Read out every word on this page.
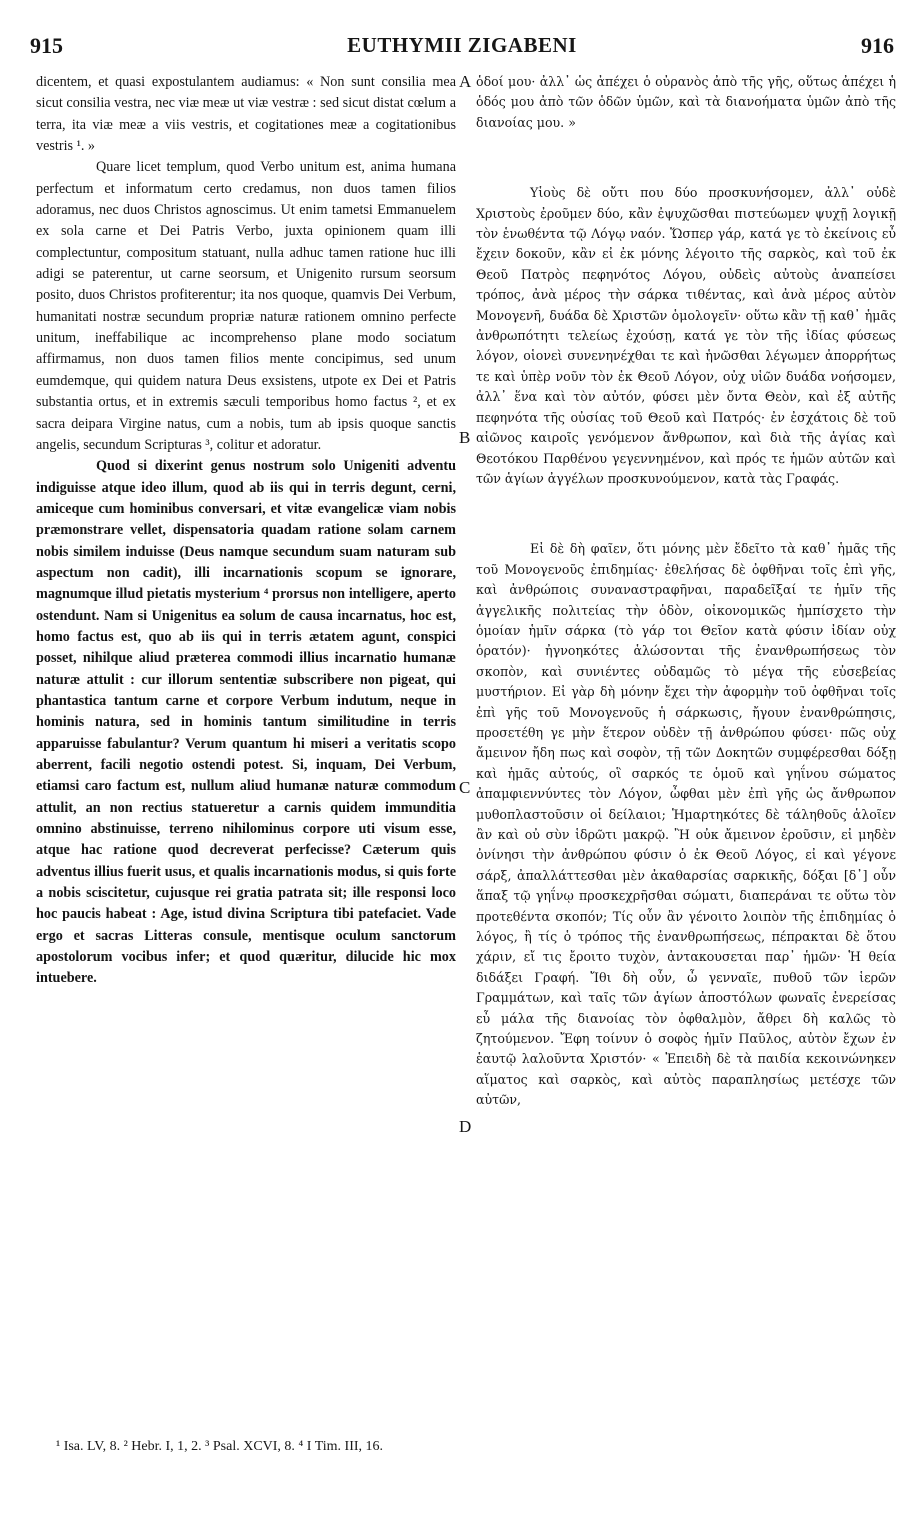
915	EUTHYMII ZIGABENI	916

dicentem, et quasi expostulantem audiamus: « Non sunt consilia mea sicut consilia vestra, nec viæ meæ ut viæ vestræ : sed sicut distat cœlum a terra, ita viæ meæ a viis vestris, et cogitationes meæ a cogitationibus vestris ¹. »

Quare licet templum, quod Verbo unitum est, anima humana perfectum et informatum certo credamus, non duos tamen filios adoramus, nec duos Christos agnoscimus. Ut enim tametsi Emmanuelem ex sola carne et Dei Patris Verbo, juxta opinionem quam illi complectuntur, compositum statuant, nulla adhuc tamen ratione huc illi adigi se paterentur, ut carne seorsum, et Unigenito rursum seorsum posito, duos Christos profiterentur; ita nos quoque, quamvis Dei Verbum, humanitati nostræ secundum propriæ naturæ rationem omnino perfecte unitum, ineffabilique ac incomprehenso plane modo sociatum affirmamus, non duos tamen filios mente concipimus, sed unum eumdemque, qui quidem natura Deus exsistens, utpote ex Dei et Patris substantia ortus, et in extremis sæculi temporibus homo factus ², et ex sacra deipara Virgine natus, cum a nobis, tum ab ipsis quoque sanctis angelis, secundum Scripturas ³, colitur et adoratur.

Quod si dixerint genus nostrum solo Unigeniti adventu indiguisse atque ideo illum, quod ab iis qui in terris degunt, cerni, amiceque cum hominibus conversari, et vitæ evangelicæ viam nobis præmonstrare vellet, dispensatoria quadam ratione solam carnem nobis similem induisse (Deus namque secundum suam naturam sub aspectum non cadit), illi incarnationis scopum se ignorare, magnumque illud pietatis mysterium ⁴ prorsus non intelligere, aperto ostendunt. Nam si Unigenitus ea solum de causa incarnatus, hoc est, homo factus est, quo ab iis qui in terris ætatem agunt, conspici posset, nihilque aliud præterea commodi illius incarnatio humanæ naturæ attulit : cur illorum sententiæ subscribere non pigeat, qui phantastica tantum carne et corpore Verbum indutum, neque in hominis natura, sed in hominis tantum similitudine in terris apparuisse fabulantur? Verum quantum hi miseri a veritatis scopo aberrent, facili negotio ostendi potest. Si, inquam, Dei Verbum, etiamsi caro factum est, nullum aliud humanæ naturæ commodum attulit, an non rectius statueretur a carnis quidem immunditia omnino abstinuisse, terreno nihilominus corpore uti visum esse, atque hac ratione quod decreverat perfecisse? Cæterum quis adventus illius fuerit usus, et qualis incarnationis modus, si quis forte a nobis sciscitetur, cujusque rei gratia patrata sit; ille responsi loco hoc paucis habeat : Age, istud divina Scriptura tibi patefaciet. Vade ergo et sacras Litteras consule, mentisque oculum sanctorum apostolorum vocibus infer; et quod quæritur, dilucide hic mox intuebere.

ὁδοί μου· ἀλλ᾽ ὡς ἀπέχει ὁ οὐρανὸς ἀπὸ τῆς γῆς, οὕτως ἀπέχει ἡ ὁδός μου ἀπὸ τῶν ὁδῶν ὑμῶν, καὶ τὰ διανοήματα ὑμῶν ἀπὸ τῆς διανοίας μου. »

Υἱοὺς δὲ οὔτι που δύο προσκυνήσομεν, ἀλλ᾽ οὐδὲ Χριστοὺς ἐροῦμεν δύο, κἂν ἐψυχῶσθαι πιστεύωμεν ψυχῇ λογικῇ τὸν ἑνωθέντα τῷ Λόγῳ ναόν. Ὥσπερ γάρ, κατά γε τὸ ἐκείνοις εὖ ἔχειν δοκοῦν, κἂν εἰ ἐκ μόνης λέγοιτο τῆς σαρκὸς, καὶ τοῦ ἐκ Θεοῦ Πατρὸς πεφηνότος Λόγου, οὐδεὶς αὐτοὺς ἀναπείσει τρόπος, ἀνὰ μέρος τὴν σάρκα τιθέντας, καὶ ἀνὰ μέρος αὐτὸν Μονογενῆ, δυάδα δὲ Χριστῶν ὁμολογεῖν· οὕτω κἂν τῇ καθ᾽ ἡμᾶς ἀνθρωπότητι τελείως ἐχούσῃ, κατά γε τὸν τῆς ἰδίας φύσεως λόγον, οἱονεὶ συνενηνέχθαι τε καὶ ἡνῶσθαι λέγωμεν ἀπορρήτως τε καὶ ὑπὲρ νοῦν τὸν ἐκ Θεοῦ Λόγον, οὐχ υἱῶν δυάδα νοήσομεν, ἀλλ᾽ ἕνα καὶ τὸν αὐτόν, φύσει μὲν ὄντα Θεὸν, καὶ ἐξ αὐτῆς πεφηνότα τῆς οὐσίας τοῦ Θεοῦ καὶ Πατρός· ἐν ἐσχάτοις δὲ τοῦ αἰῶνος καιροῖς γενόμενον ἄνθρωπον, καὶ διὰ τῆς ἁγίας καὶ Θεοτόκου Παρθένου γεγεννημένον, καὶ πρός τε ἡμῶν αὐτῶν καὶ τῶν ἁγίων ἀγγέλων προσκυνούμενον, κατὰ τὰς Γραφάς.

Εἰ δὲ δὴ φαῖεν, ὅτι μόνης μὲν ἔδεῖτο τὰ καθ᾽ ἡμᾶς τῆς τοῦ Μονογενοῦς ἐπιδημίας· ἐθελήσας δὲ ὀφθῆναι τοῖς ἐπὶ γῆς, καὶ ἀνθρώποις συναναστραφῆναι, παραδεῖξαί τε ἡμῖν τῆς ἀγγελικῆς πολιτείας τὴν ὁδὸν, οἰκονομικῶς ἠμπίσχετο τὴν ὁμοίαν ἡμῖν σάρκα (τὸ γάρ τοι Θεῖον κατὰ φύσιν ἰδίαν οὐχ ὁρατόν)· ἠγνοηκότες ἁλώσονται τῆς ἐνανθρωπήσεως τὸν σκοπὸν, καὶ συνιέντες οὐδαμῶς τὸ μέγα τῆς εὐσεβείας μυστήριον. Εἰ γὰρ δὴ μόνην ἔχει τὴν ἀφορμὴν τοῦ ὀφθῆναι τοῖς ἐπὶ γῆς τοῦ Μονογενοῦς ἡ σάρκωσις, ἤγουν ἐνανθρώπησις, προσετέθη γε μὴν ἕτερον οὐδὲν τῇ ἀνθρώπου φύσει· πῶς οὐχ ἄμεινον ἤδη πως καὶ σοφὸν, τῇ τῶν Δοκητῶν συμφέρεσθαι δόξῃ καὶ ἡμᾶς αὐτούς, οἳ σαρκός τε ὁμοῦ καὶ γηΐνου σώματος ἀπαμφιεννύντες τὸν Λόγον, ὦφθαι μὲν ἐπὶ γῆς ὡς ἄνθρωπον μυθοπλαστοῦσιν οἱ δείλαιοι; Ἡμαρτηκότες δὲ τάληθοῦς ἁλοῖεν ἂν καὶ οὐ σὺν ἱδρῶτι μακρῷ. Ἢ οὐκ ἄμεινον ἐροῦσιν, εἰ μηδὲν ὀνίνησι τὴν ἀνθρώπου φύσιν ὁ ἐκ Θεοῦ Λόγος, εἰ καὶ γέγονε σάρξ, ἀπαλλάττεσθαι μὲν ἀκαθαρσίας σαρκικῆς, δόξαι [δ᾽] οὖν ἅπαξ τῷ γηΐνῳ προσκεχρῆσθαι σώματι, διαπεράναι τε οὕτω τὸν προτεθέντα σκοπόν; Τίς οὖν ἂν γένοιτο λοιπὸν τῆς ἐπιδημίας ὁ λόγος, ἢ τίς ὁ τρόπος τῆς ἐνανθρωπήσεως, πέπρακται δὲ ὅτου χάριν, εἴ τις ἔροιτο τυχὸν, ἀντακουσεται παρ᾽ ἡμῶν· Ἡ θεία διδάξει Γραφή. Ἴθι δὴ οὖν, ὦ γενναῖε, πυθοῦ τῶν ἱερῶν Γραμμάτων, καὶ ταῖς τῶν ἁγίων ἀποστόλων φωναῖς ἐνερείσας εὖ μάλα τῆς διανοίας τὸν ὀφθαλμὸν, ἄθρει δὴ καλῶς τὸ ζητούμενον. Ἔφη τοίνυν ὁ σοφὸς ἡμῖν Παῦλος, αὐτὸν ἔχων ἐν ἑαυτῷ λαλοῦντα Χριστόν· « Ἐπειδὴ δὲ τὰ παιδία κεκοινώνηκεν αἵματος καὶ σαρκὸς, καὶ αὐτὸς παραπλησίως μετέσχε τῶν αὐτῶν,

A
B
C
D
¹ Isa. LV, 8. ² Hebr. I, 1, 2. ³ Psal. XCVI, 8. ⁴ I Tim. III, 16.
